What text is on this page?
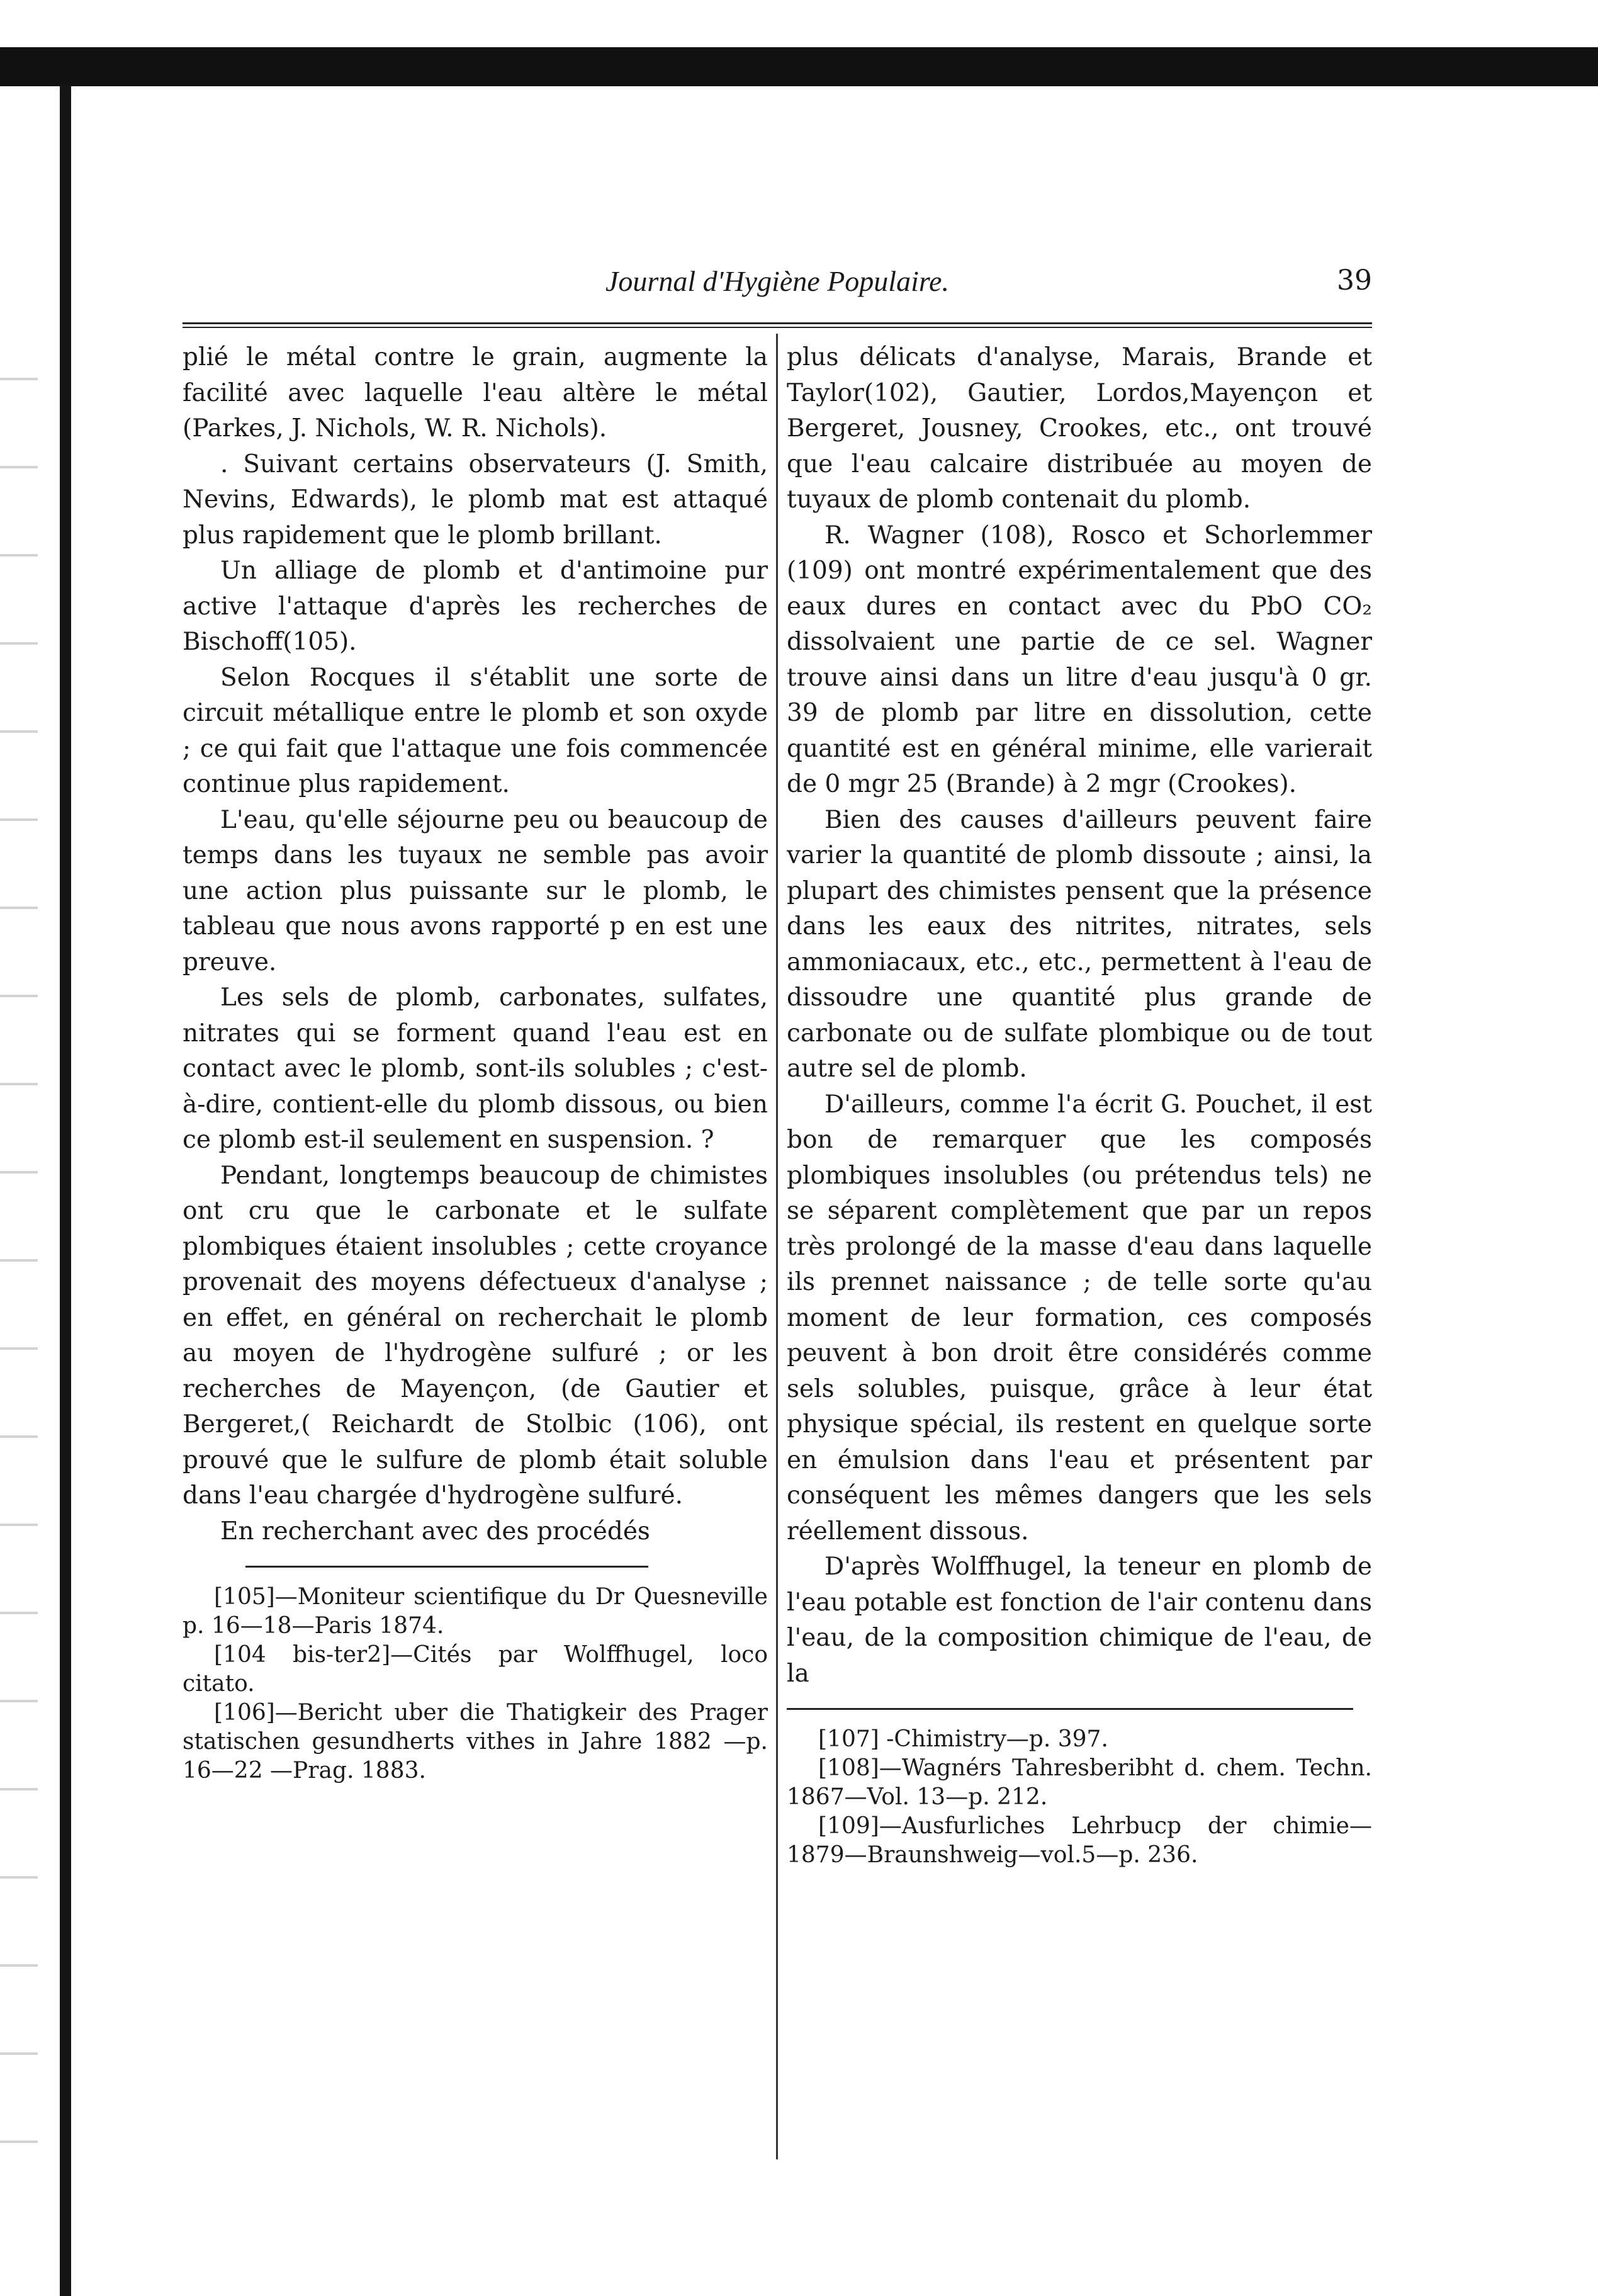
Journal d'Hygiène Populaire.	39

plié le métal contre le grain, augmente la facilité avec laquelle l'eau altère le métal (Parkes, J. Nichols, W. R. Nichols).

. Suivant certains observateurs (J. Smith, Nevins, Edwards), le plomb mat est attaqué plus rapidement que le plomb brillant.

Un alliage de plomb et d'antimoine pur active l'attaque d'après les recherches de Bischoff(105).

Selon Rocques il s'établit une sorte de circuit métallique entre le plomb et son oxyde ; ce qui fait que l'attaque une fois commencée continue plus rapidement.

L'eau, qu'elle séjourne peu ou beaucoup de temps dans les tuyaux ne semble pas avoir une action plus puissante sur le plomb, le tableau que nous avons rapporté p en est une preuve.

Les sels de plomb, carbonates, sulfates, nitrates qui se forment quand l'eau est en contact avec le plomb, sont-ils solubles ; c'est-à-dire, contient-elle du plomb dissous, ou bien ce plomb est-il seulement en suspension. ?

Pendant, longtemps beaucoup de chimistes ont cru que le carbonate et le sulfate plombiques étaient insolubles ; cette croyance provenait des moyens défectueux d'analyse ; en effet, en général on recherchait le plomb au moyen de l'hydrogène sulfuré ; or les recherches de Mayençon, (de Gautier et Bergeret,( Reichardt de Stolbic (106), ont prouvé que le sulfure de plomb était soluble dans l'eau chargée d'hydrogène sulfuré.

En recherchant avec des procédés

[105]—Moniteur scientifique du Dr Quesneville p. 16—18—Paris 1874.

[104 bis-ter2]—Cités par Wolffhugel, loco citato.

[106]—Bericht uber die Thatigkeir des Prager statischen gesundherts vithes in Jahre 1882 —p. 16—22 —Prag. 1883.

plus délicats d'analyse, Marais, Brande et Taylor(102), Gautier, Lordos,Mayençon et Bergeret, Jousney, Crookes, etc., ont trouvé que l'eau calcaire distribuée au moyen de tuyaux de plomb contenait du plomb.

R. Wagner (108), Rosco et Schorlemmer (109) ont montré expérimentalement que des eaux dures en contact avec du PbO CO₂ dissolvaient une partie de ce sel. Wagner trouve ainsi dans un litre d'eau jusqu'à 0 gr. 39 de plomb par litre en dissolution, cette quantité est en général minime, elle varierait de 0 mgr 25 (Brande) à 2 mgr (Crookes).

Bien des causes d'ailleurs peuvent faire varier la quantité de plomb dissoute ; ainsi, la plupart des chimistes pensent que la présence dans les eaux des nitrites, nitrates, sels ammoniacaux, etc., etc., permettent à l'eau de dissoudre une quantité plus grande de carbonate ou de sulfate plombique ou de tout autre sel de plomb.

D'ailleurs, comme l'a écrit G. Pouchet, il est bon de remarquer que les composés plombiques insolubles (ou prétendus tels) ne se séparent complètement que par un repos très prolongé de la masse d'eau dans laquelle ils prennet naissance ; de telle sorte qu'au moment de leur formation, ces composés peuvent à bon droit être considérés comme sels solubles, puisque, grâce à leur état physique spécial, ils restent en quelque sorte en émulsion dans l'eau et présentent par conséquent les mêmes dangers que les sels réellement dissous.

D'après Wolffhugel, la teneur en plomb de l'eau potable est fonction de l'air contenu dans l'eau, de la composition chimique de l'eau, de la

[107] -Chimistry—p. 397.

[108]—Wagnérs Tahresberibht d. chem. Techn. 1867—Vol. 13—p. 212.

[109]—Ausfurliches Lehrbucp der chimie—1879—Braunshweig—vol.5—p. 236.
